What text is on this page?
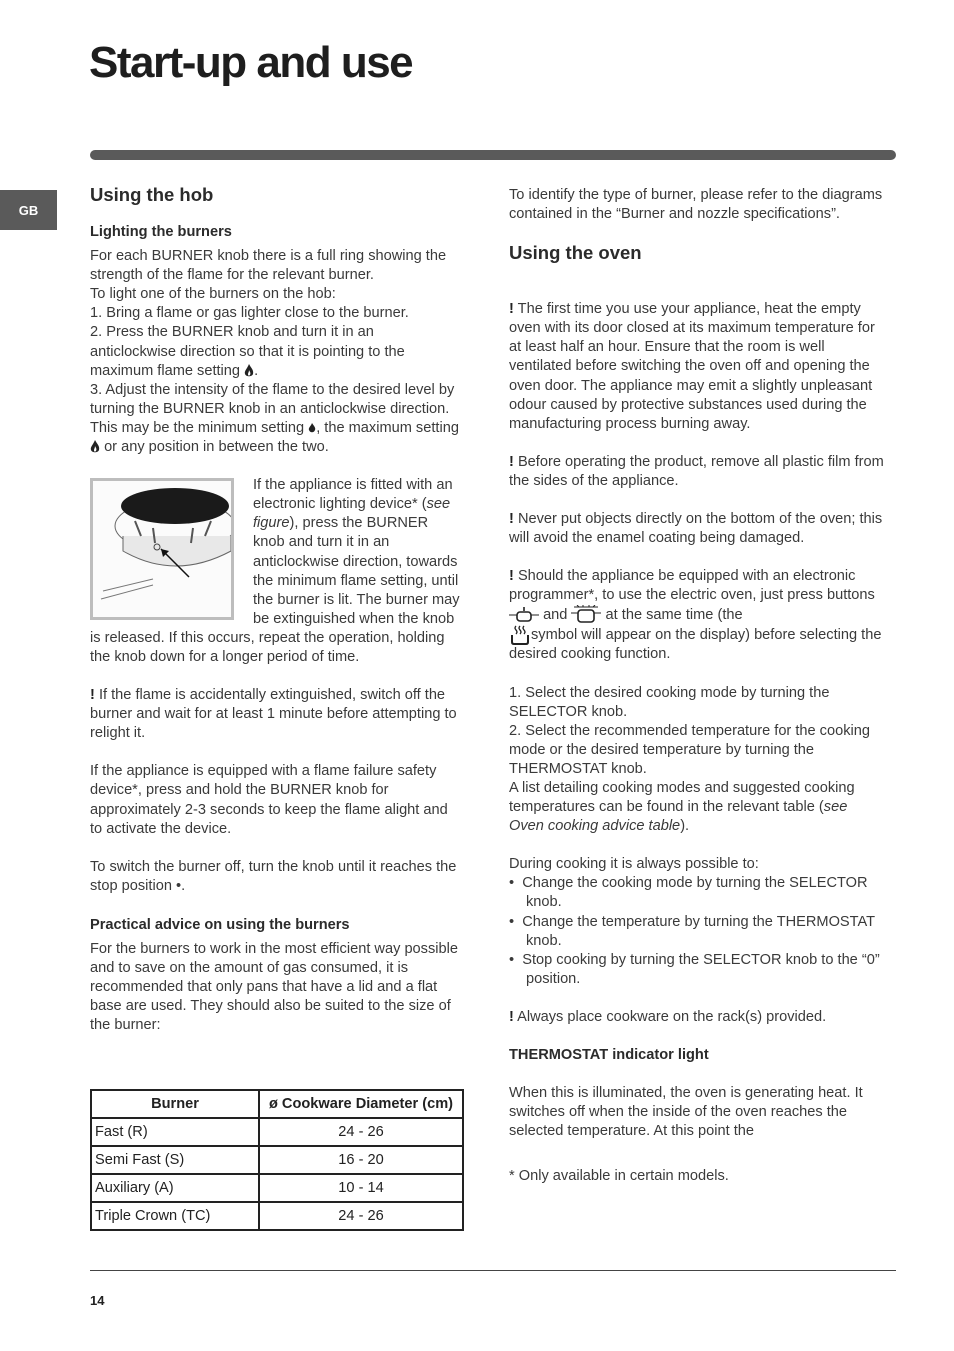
Start-up and use
GB

Using the hob

Lighting the burners

For each BURNER knob there is a full ring showing the strength of the flame for the relevant burner.

To light one of the burners on the hob:

1. Bring a flame or gas lighter close to the burner.

2. Press the BURNER knob and turn it in an anticlockwise direction so that it is pointing to the maximum flame setting .

3. Adjust the intensity of the flame to the desired level by turning the BURNER knob in an anticlockwise direction. This may be the minimum setting , the maximum setting  or any position in between the two.

If the appliance is fitted with an electronic lighting device* (see figure), press the BURNER knob and turn it in an anticlockwise direction, towards the minimum flame setting, until the burner is lit. The burner may be extinguished when the knob is released. If this occurs, repeat the operation, holding the knob down for a longer period of time.

! If the flame is accidentally extinguished, switch off the burner and wait for at least 1 minute before attempting to relight it.

If the appliance is equipped with a flame failure safety device*, press and hold the BURNER knob for approximately 2-3 seconds to keep the flame alight and to activate the device.

To switch the burner off, turn the knob until it reaches the stop position •.

Practical advice on using the burners

For the burners to work in the most efficient way possible and to save on the amount of gas consumed, it is recommended that only pans that have a lid and a flat base are used. They should also be suited to the size of the burner:

Burner	ø Cookware Diameter (cm)
Fast (R)	24 - 26
Semi Fast (S)	16 - 20
Auxiliary (A)	10 - 14
Triple Crown (TC)	24 - 26

To identify the type of burner, please refer to the diagrams contained in the “Burner and nozzle specifications”.

Using the oven

! The first time you use your appliance, heat the empty oven with its door closed at its maximum temperature for at least half an hour. Ensure that the room is well ventilated before switching the oven off and opening the oven door. The appliance may emit a slightly unpleasant odour caused by protective substances used during the manufacturing process burning away.

! Before operating the product, remove all plastic film from the sides of the appliance.

! Never put objects directly on the bottom of the oven; this will avoid the enamel coating being damaged.

! Should the appliance be equipped with an electronic programmer*, to use the electric oven, just press buttons  and	at the same time (the
symbol will appear on the display) before selecting the desired cooking function.

1. Select the desired cooking mode by turning the SELECTOR knob.

2. Select the recommended temperature for the cooking mode or the desired temperature by turning the THERMOSTAT knob.

A list detailing cooking modes and suggested cooking temperatures can be found in the relevant table (see Oven cooking advice table).

During cooking it is always possible to:

•  Change the cooking mode by turning the SELECTOR knob.

•  Change the temperature by turning the THERMOSTAT knob.

•  Stop cooking by turning the SELECTOR knob to the “0” position.

! Always place cookware on the rack(s) provided.

THERMOSTAT indicator light

When this is illuminated, the oven is generating heat. It switches off when the inside of the oven reaches the selected temperature. At this point the

* Only available in certain models.

14
